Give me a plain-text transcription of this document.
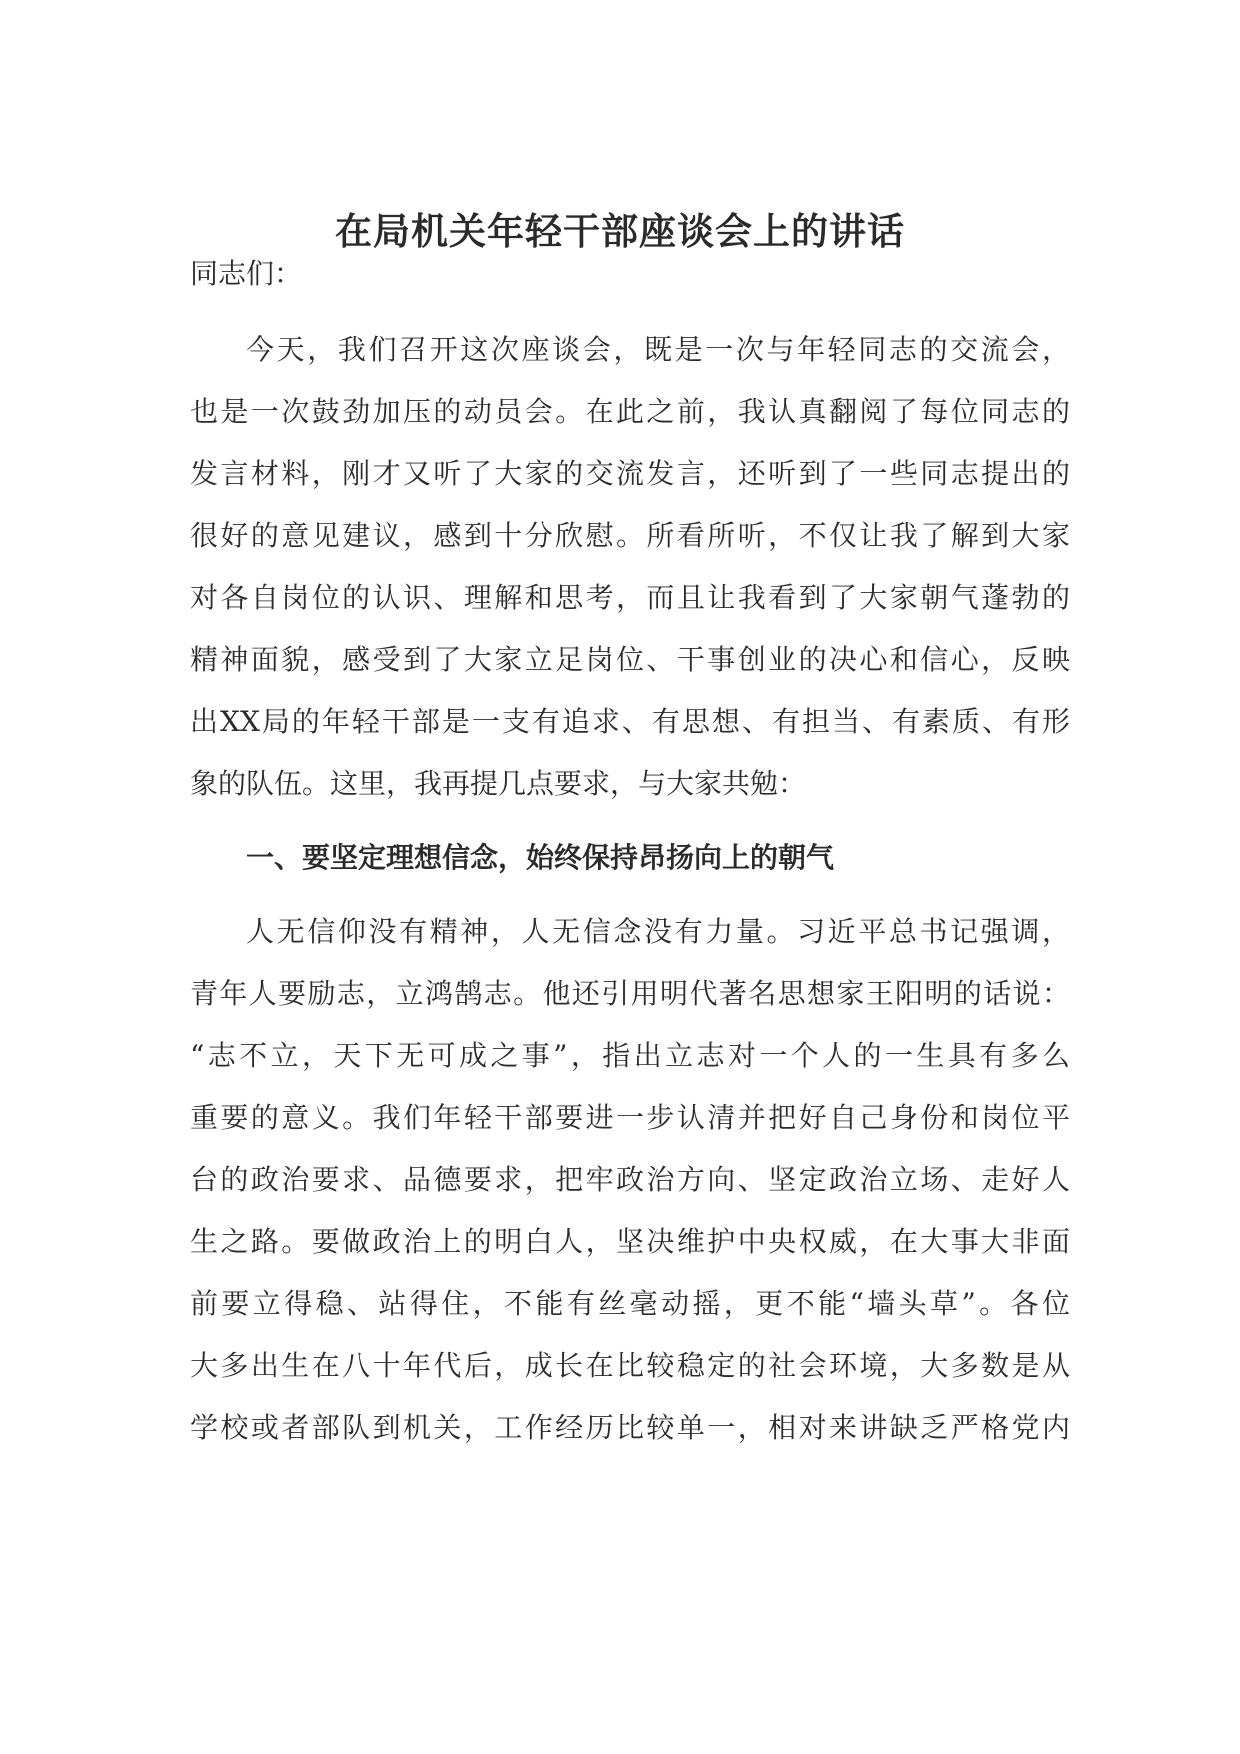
在局机关年轻干部座谈会上的讲话
同志们：
今天，我们召开这次座谈会，既是一次与年轻同志的交流会，
也是一次鼓劲加压的动员会。在此之前，我认真翻阅了每位同志的
发言材料，刚才又听了大家的交流发言，还听到了一些同志提出的
很好的意见建议，感到十分欣慰。所看所听，不仅让我了解到大家
对各自岗位的认识、理解和思考，而且让我看到了大家朝气蓬勃的
精神面貌，感受到了大家立足岗位、干事创业的决心和信心，反映
出XX局的年轻干部是一支有追求、有思想、有担当、有素质、有形
象的队伍。这里，我再提几点要求，与大家共勉：
一、要坚定理想信念，始终保持昂扬向上的朝气
人无信仰没有精神，人无信念没有力量。习近平总书记强调，
青年人要励志，立鸿鹄志。他还引用明代著名思想家王阳明的话说：
“志不立，天下无可成之事”，指出立志对一个人的一生具有多么
重要的意义。我们年轻干部要进一步认清并把好自己身份和岗位平
台的政治要求、品德要求，把牢政治方向、坚定政治立场、走好人
生之路。要做政治上的明白人，坚决维护中央权威，在大事大非面
前要立得稳、站得住，不能有丝毫动摇，更不能“墙头草”。各位
大多出生在八十年代后，成长在比较稳定的社会环境，大多数是从
学校或者部队到机关，工作经历比较单一，相对来讲缺乏严格党内
